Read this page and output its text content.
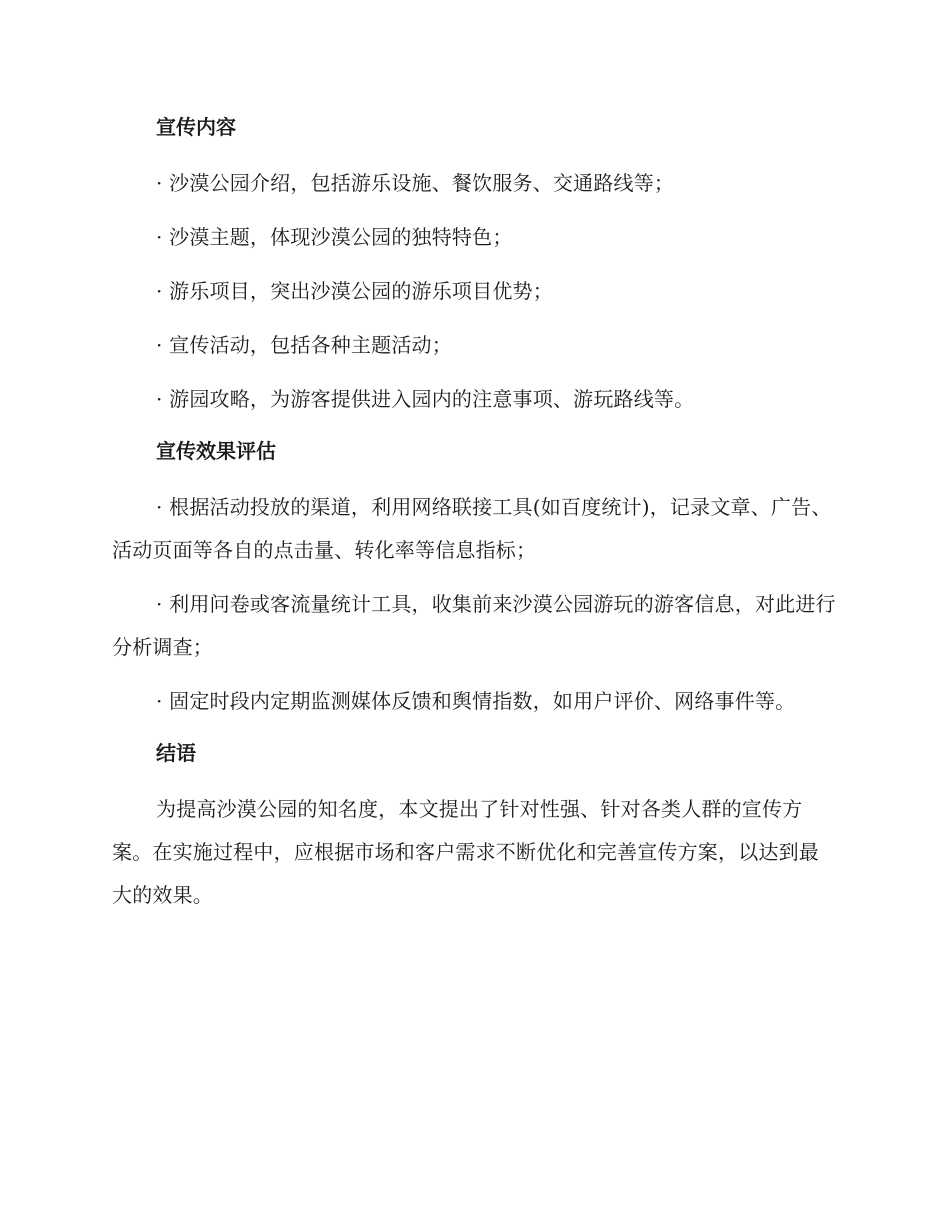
宣传内容
· 沙漠公园介绍，包括游乐设施、餐饮服务、交通路线等；
· 沙漠主题，体现沙漠公园的独特特色；
· 游乐项目，突出沙漠公园的游乐项目优势；
· 宣传活动，包括各种主题活动；
· 游园攻略，为游客提供进入园内的注意事项、游玩路线等。
宣传效果评估
· 根据活动投放的渠道，利用网络联接工具(如百度统计)，记录文章、广告、活动页面等各自的点击量、转化率等信息指标；
· 利用问卷或客流量统计工具，收集前来沙漠公园游玩的游客信息，对此进行分析调查；
· 固定时段内定期监测媒体反馈和舆情指数，如用户评价、网络事件等。
结语
为提高沙漠公园的知名度，本文提出了针对性强、针对各类人群的宣传方案。在实施过程中，应根据市场和客户需求不断优化和完善宣传方案，以达到最大的效果。
